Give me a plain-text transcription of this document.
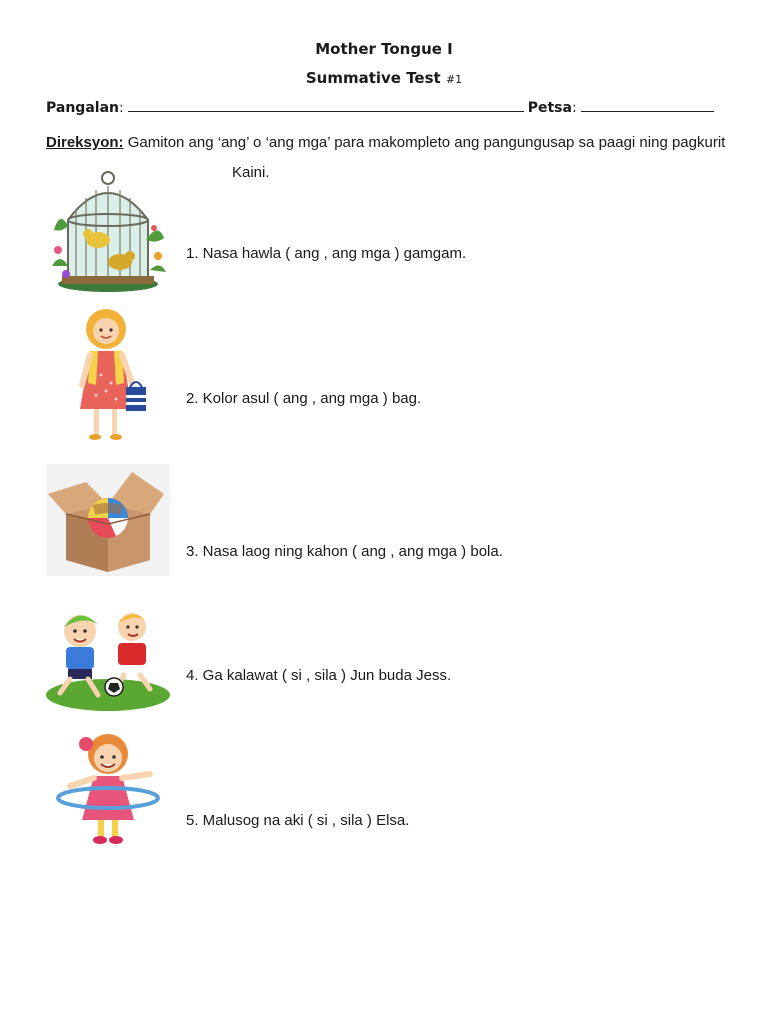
Mother Tongue I
Summative Test #1
Pangalan:	Petsa:
Direksyon: Gamiton ang ‘ang’ o ‘ang mga’ para makompleto ang pangungusap sa paagi ning pagkurit
Kaini.
1. Nasa hawla ( ang , ang mga ) gamgam.
2. Kolor asul ( ang , ang mga ) bag.
3. Nasa laog ning kahon ( ang , ang mga ) bola.
4. Ga kalawat ( si , sila ) Jun buda Jess.
5. Malusog na aki ( si , sila ) Elsa.
